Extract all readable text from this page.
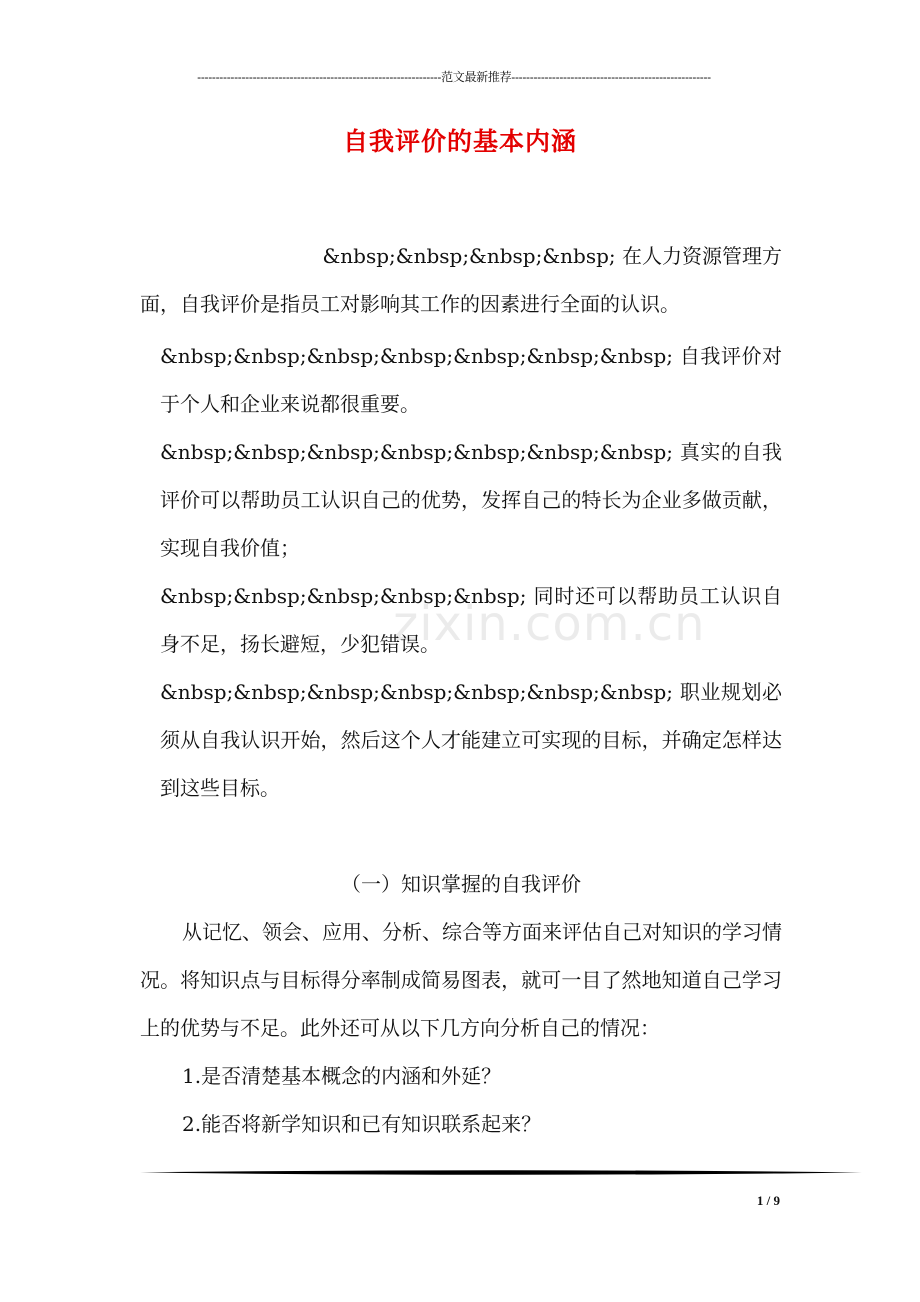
------------------------------------------------------------------范文最新推荐------------------------------------------------------
自我评价的基本内涵
zixin.com.cn

&nbsp;&nbsp;&nbsp;&nbsp; 在人力资源管理方

面，自我评价是指员工对影响其工作的因素进行全面的认识。

&nbsp;&nbsp;&nbsp;&nbsp;&nbsp;&nbsp;&nbsp; 自我评价对于个人和企业来说都很重要。

&nbsp;&nbsp;&nbsp;&nbsp;&nbsp;&nbsp;&nbsp; 真实的自我评价可以帮助员工认识自己的优势，发挥自己的特长为企业多做贡献，实现自我价值；

&nbsp;&nbsp;&nbsp;&nbsp;&nbsp; 同时还可以帮助员工认识自身不足，扬长避短，少犯错误。

&nbsp;&nbsp;&nbsp;&nbsp;&nbsp;&nbsp;&nbsp; 职业规划必须从自我认识开始，然后这个人才能建立可实现的目标，并确定怎样达到这些目标。

（一）知识掌握的自我评价

从记忆、领会、应用、分析、综合等方面来评估自己对知识的学习情况。将知识点与目标得分率制成简易图表，就可一目了然地知道自己学习上的优势与不足。此外还可从以下几方向分析自己的情况：

1.是否清楚基本概念的内涵和外延？

2.能否将新学知识和已有知识联系起来？

1 / 9
